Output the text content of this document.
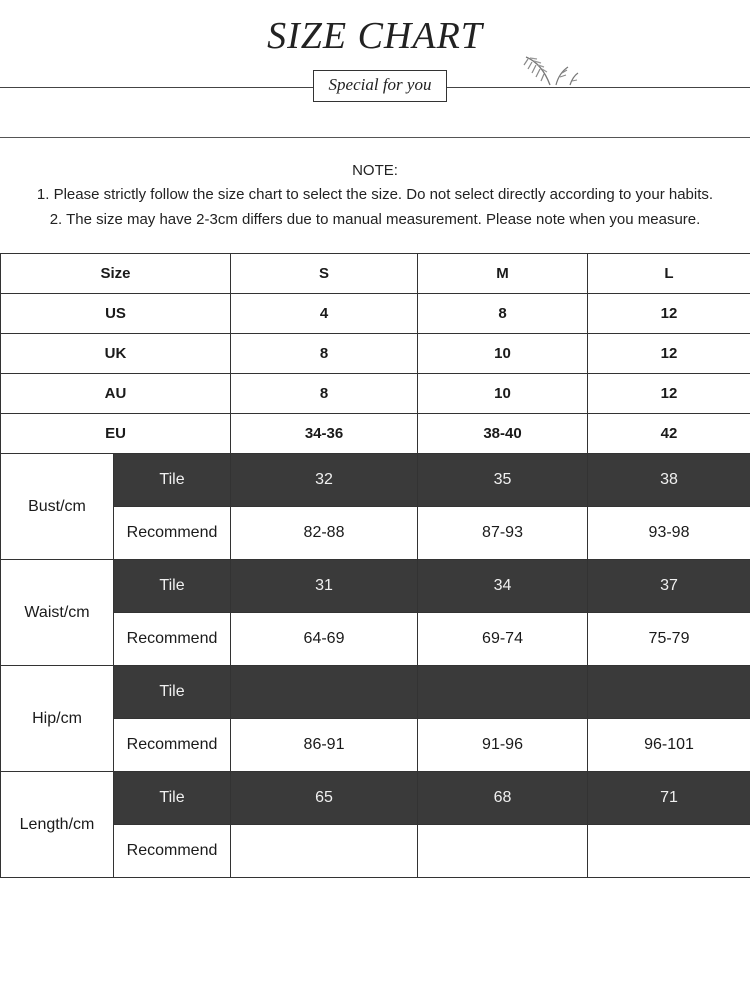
SIZE CHART
Special for you
NOTE:
1. Please strictly follow the size chart to select the size. Do not select directly according to your habits.
2. The size may have 2-3cm differs due to manual measurement. Please note when you measure.
Size		S	M	L
US		4	8	12
UK		8	10	12
AU		8	10	12
EU		34-36	38-40	42
Bust/cm	Tile	32	35	38
	Recommend	82-88	87-93	93-98
Waist/cm	Tile	31	34	37
	Recommend	64-69	69-74	75-79
Hip/cm	Tile			
	Recommend	86-91	91-96	96-101
Length/cm	Tile	65	68	71
	Recommend			
